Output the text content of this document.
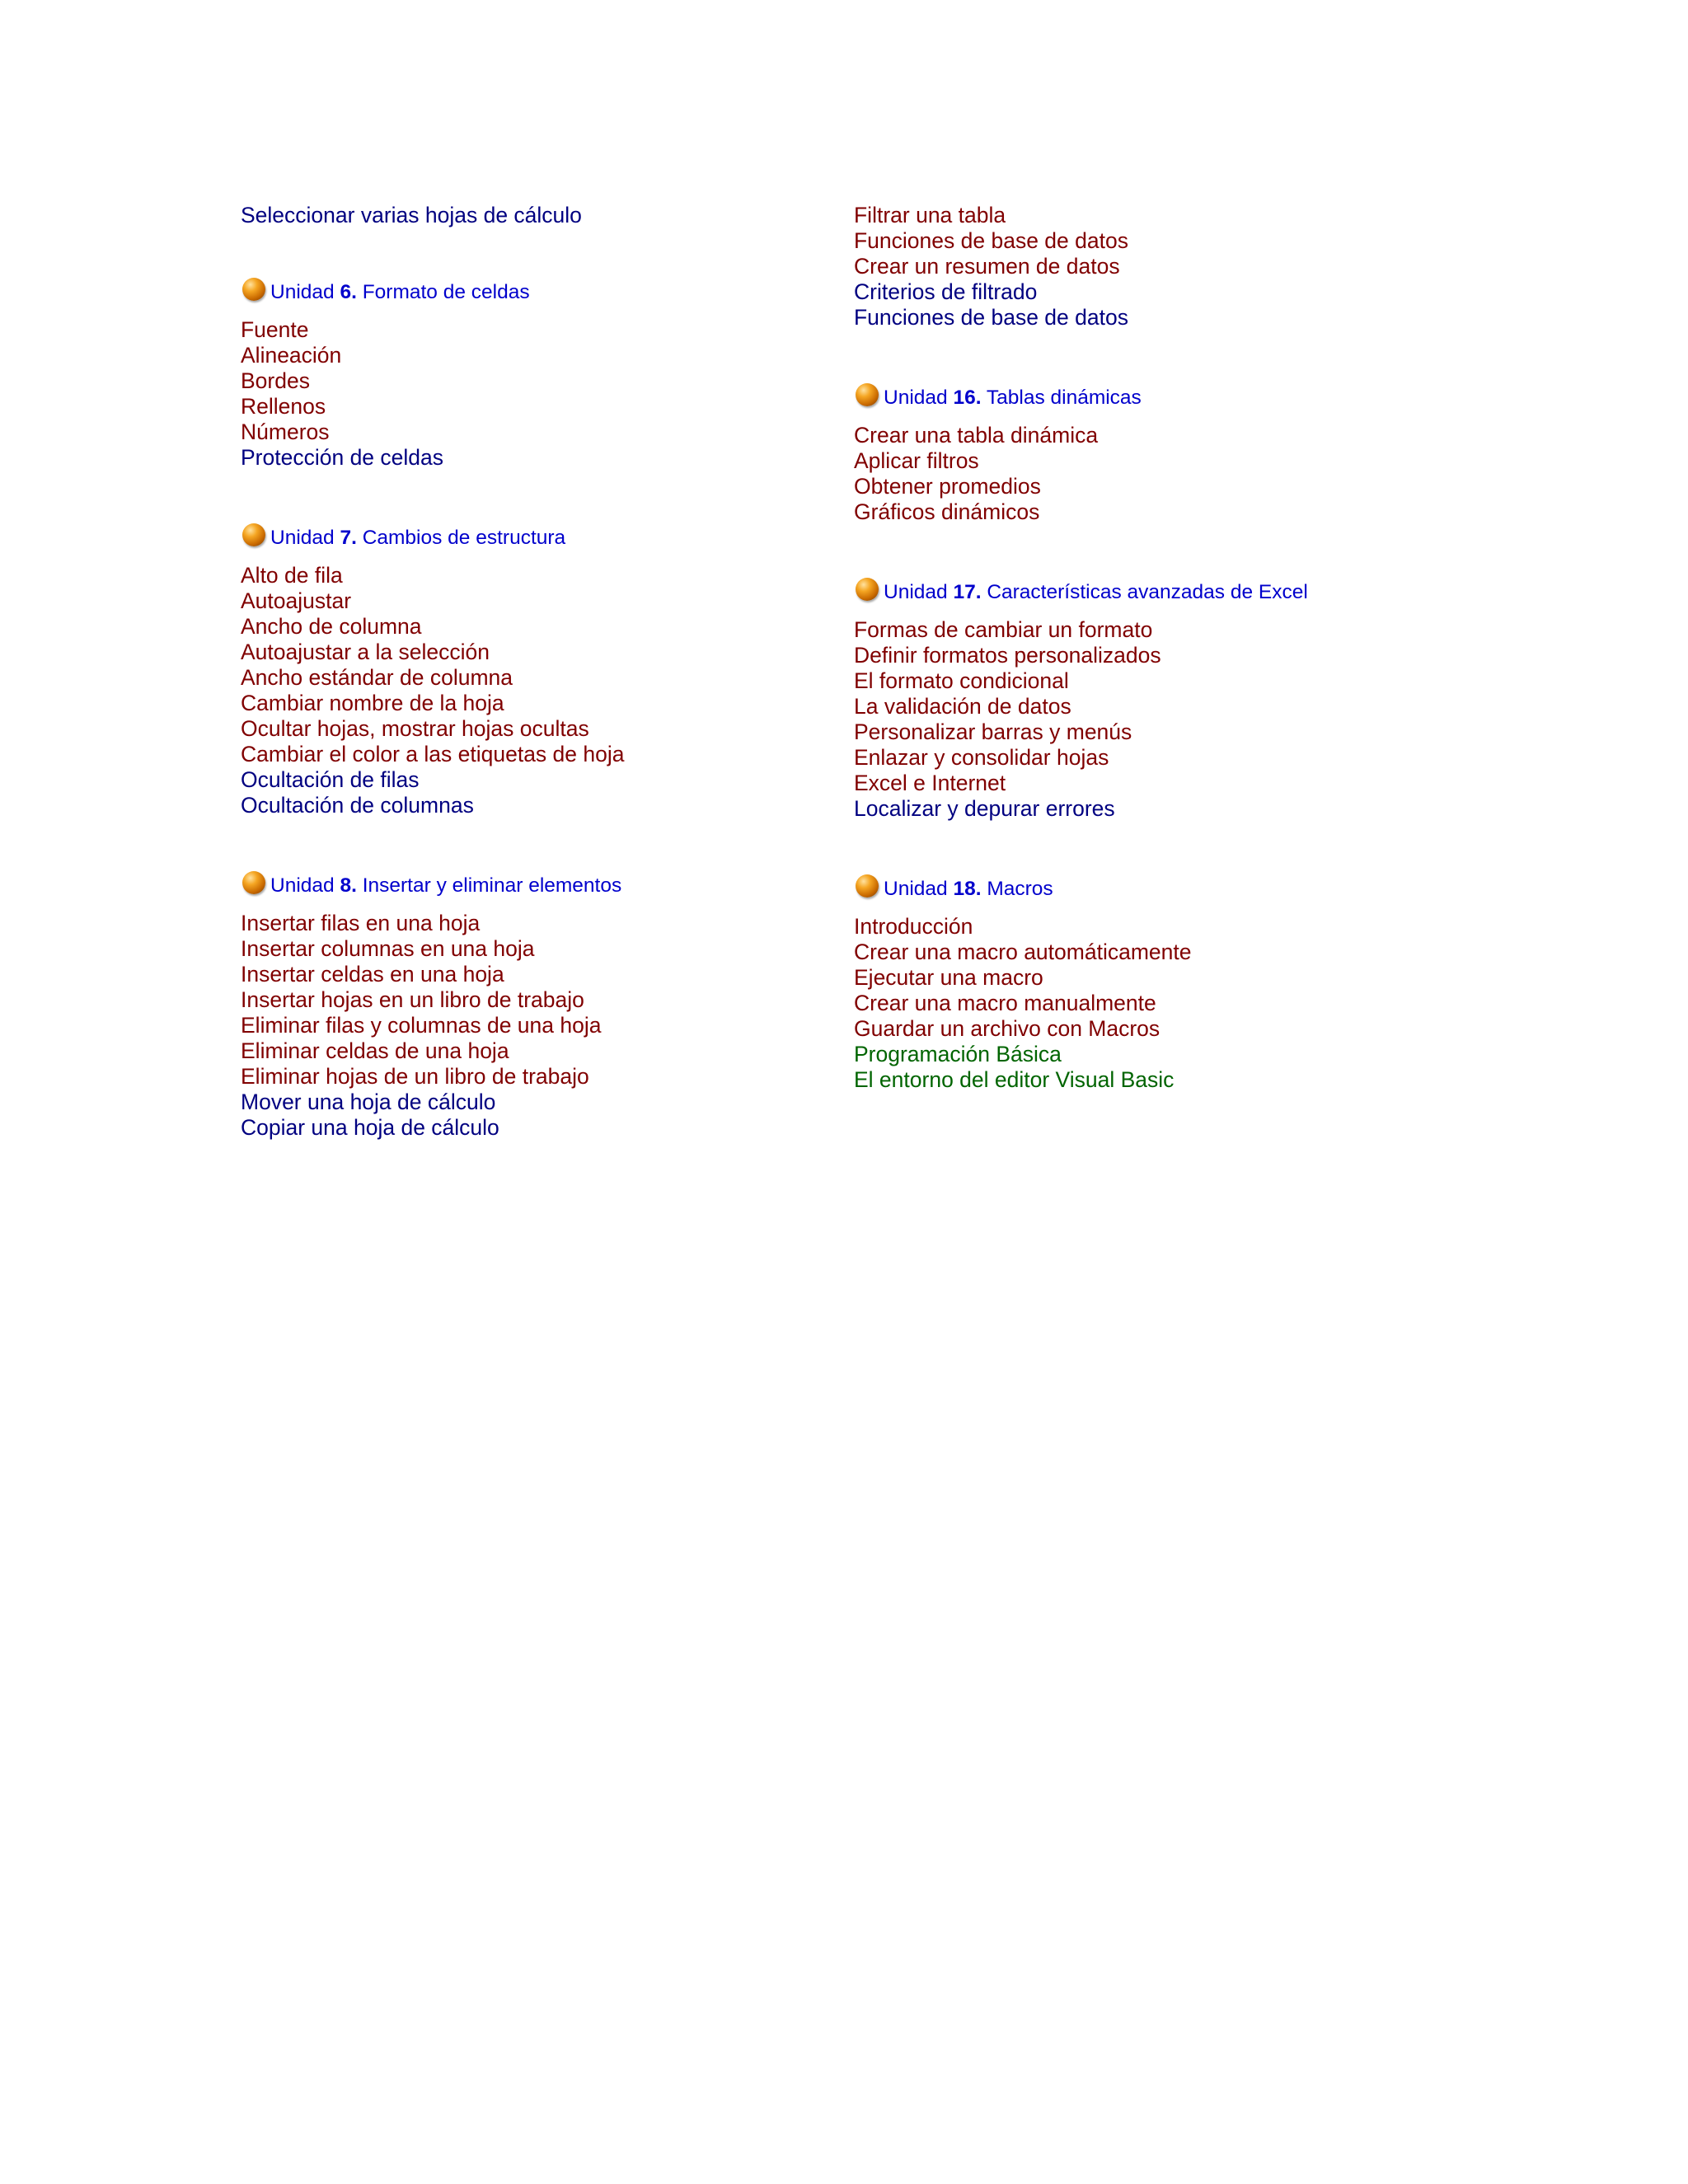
Seleccionar varias hojas de cálculo
Unidad 6. Formato de celdas
Fuente
Alineación
Bordes
Rellenos
Números
Protección de celdas
Unidad 7. Cambios de estructura
Alto de fila
Autoajustar
Ancho de columna
Autoajustar a la selección
Ancho estándar de columna
Cambiar nombre de la hoja
Ocultar hojas, mostrar hojas ocultas
Cambiar el color a las etiquetas de hoja
Ocultación de filas
Ocultación de columnas
Unidad 8. Insertar y eliminar elementos
Insertar filas en una hoja
Insertar columnas en una hoja
Insertar celdas en una hoja
Insertar hojas en un libro de trabajo
Eliminar filas y columnas de una hoja
Eliminar celdas de una hoja
Eliminar hojas de un libro de trabajo
Mover una hoja de cálculo
Copiar una hoja de cálculo
Filtrar una tabla
Funciones de base de datos
Crear un resumen de datos
Criterios de filtrado
Funciones de base de datos
Unidad 16. Tablas dinámicas
Crear una tabla dinámica
Aplicar filtros
Obtener promedios
Gráficos dinámicos
Unidad 17. Características avanzadas de Excel
Formas de cambiar un formato
Definir formatos personalizados
El formato condicional
La validación de datos
Personalizar barras y menús
Enlazar y consolidar hojas
Excel e Internet
Localizar y depurar errores
Unidad 18. Macros
Introducción
Crear una macro automáticamente
Ejecutar una macro
Crear una macro manualmente
Guardar un archivo con Macros
Programación Básica
El entorno del editor Visual Basic
